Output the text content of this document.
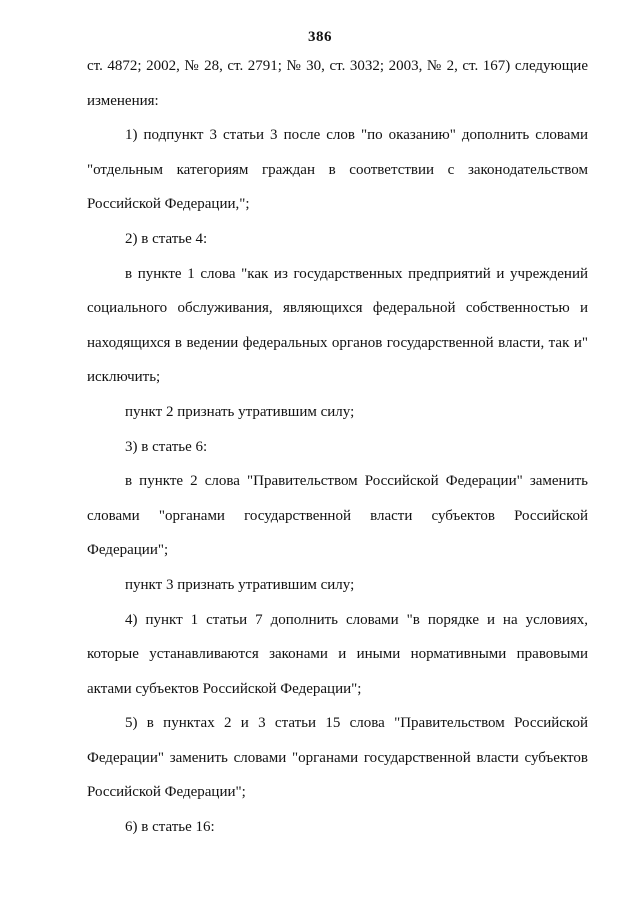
386

ст. 4872; 2002, № 28, ст. 2791; № 30, ст. 3032; 2003, № 2, ст. 167) следующие изменения:

1) подпункт 3 статьи 3 после слов "по оказанию" дополнить словами "отдельным категориям граждан в соответствии с законодательством Российской Федерации,";

2) в статье 4:

в пункте 1 слова "как из государственных предприятий и учреждений социального обслуживания, являющихся федеральной собственностью и находящихся в ведении федеральных органов государственной власти, так и" исключить;

пункт 2 признать утратившим силу;

3) в статье 6:

в пункте 2 слова "Правительством Российской Федерации" заменить словами "органами государственной власти субъектов Российской Федерации";

пункт 3 признать утратившим силу;

4) пункт 1 статьи 7 дополнить словами "в порядке и на условиях, которые устанавливаются законами и иными нормативными правовыми актами субъектов Российской Федерации";

5) в пунктах 2 и 3 статьи 15 слова "Правительством Российской Федерации" заменить словами "органами государственной власти субъектов Российской Федерации";

6) в статье 16:
